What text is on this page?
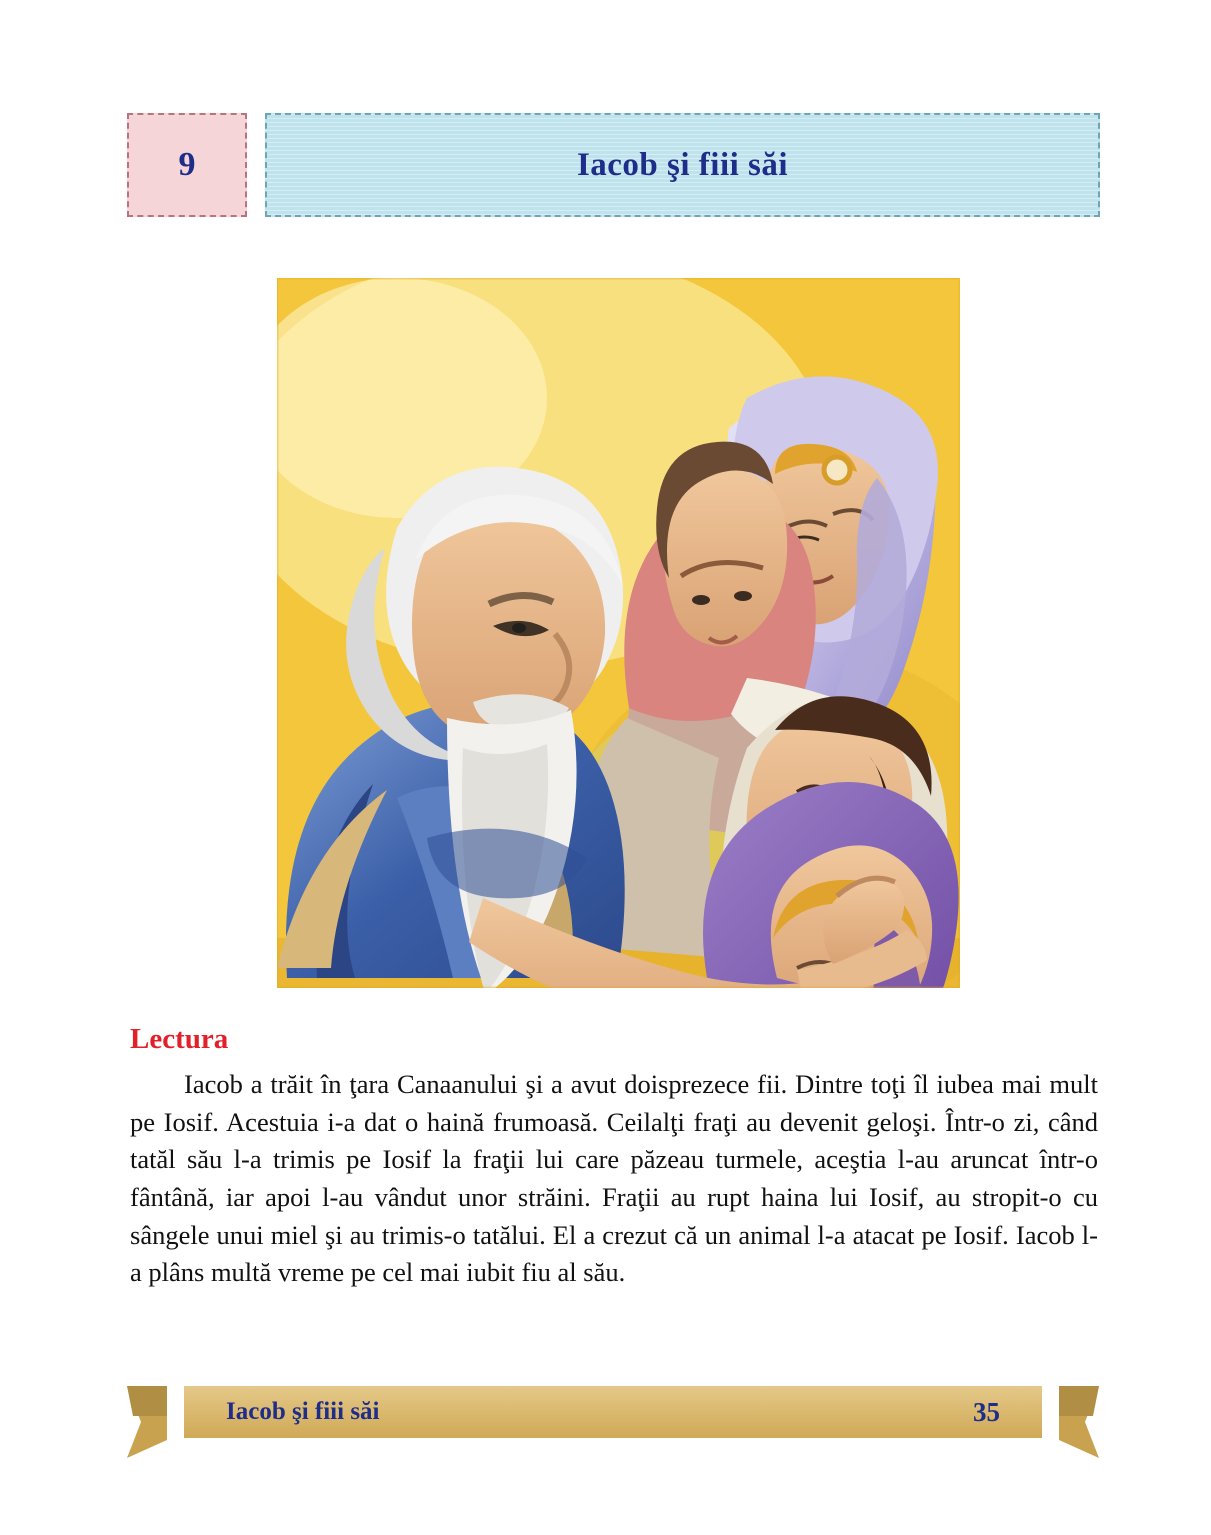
9	Iacob şi fiii săi
Lectura
Iacob a trăit în ţara Canaanului şi a avut doisprezece fii. Dintre toţi îl iubea mai mult pe Iosif. Acestuia i-a dat o haină frumoasă. Ceilalţi fraţi au devenit geloşi. Într-o zi, când tatăl său l-a trimis pe Iosif la fraţii lui care păzeau turmele, aceştia l-au aruncat într-o fântână, iar apoi l-au vândut unor străini. Fraţii au rupt haina lui Iosif, au stropit-o cu sângele unui miel şi au trimis-o tatălui. El a crezut că un animal l-a atacat pe Iosif. Iacob l-a plâns multă vreme pe cel mai iubit fiu al său.
Iacob şi fiii săi	35
